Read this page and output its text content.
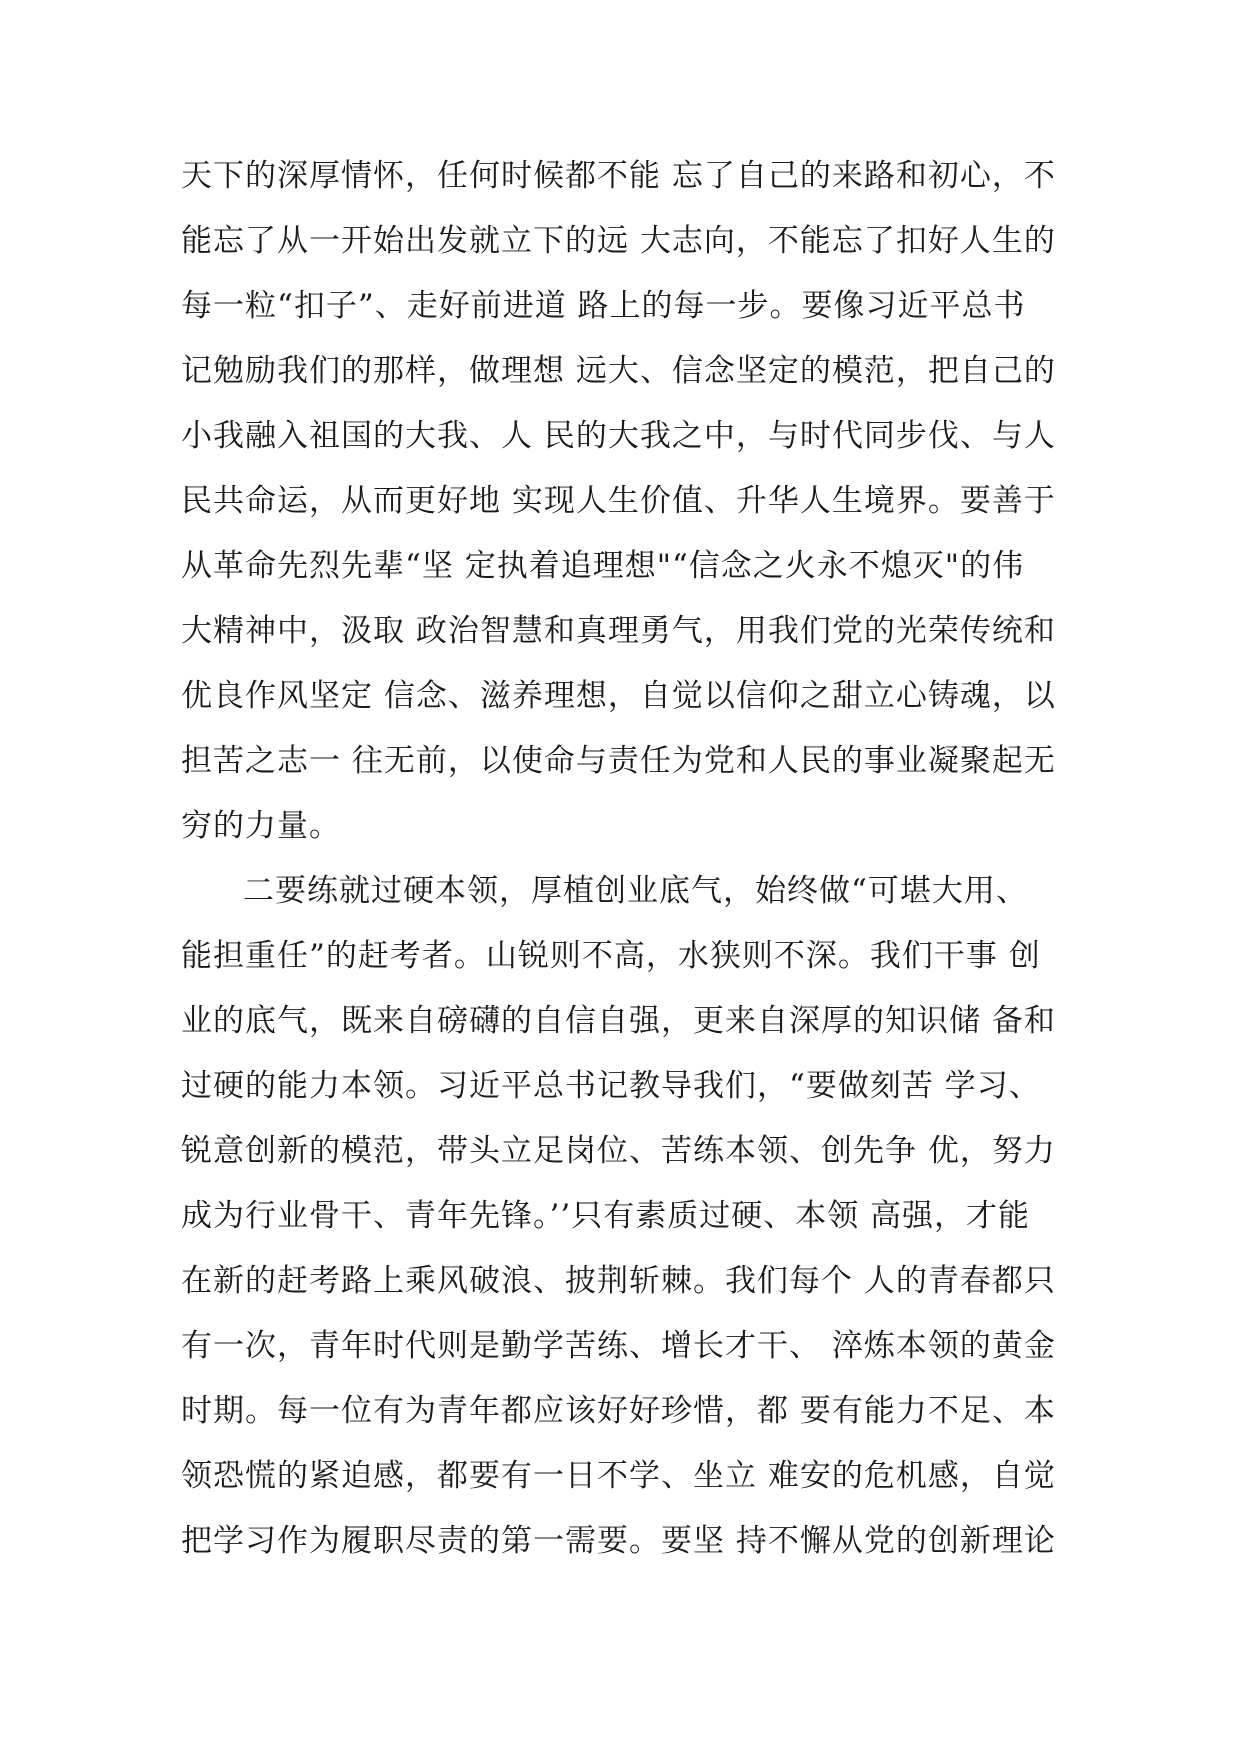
天下的深厚情怀，任何时候都不能 忘了自己的来路和初心，不
能忘了从一开始出发就立下的远 大志向，不能忘了扣好人生的
每一粒“扣子”、走好前进道 路上的每一步。要像习近平总书
记勉励我们的那样，做理想 远大、信念坚定的模范，把自己的
小我融入祖国的大我、人 民的大我之中，与时代同步伐、与人
民共命运，从而更好地 实现人生价值、升华人生境界。要善于
从革命先烈先辈“坚 定执着追理想"“信念之火永不熄灭"的伟
大精神中，汲取 政治智慧和真理勇气，用我们党的光荣传统和
优良作风坚定 信念、滋养理想，自觉以信仰之甜立心铸魂，以
担苦之志一 往无前，以使命与责任为党和人民的事业凝聚起无
穷的力量。
二要练就过硬本领，厚植创业底气，始终做“可堪大用、
能担重任”的赶考者。山锐则不高，水狭则不深。我们干事 创
业的底气，既来自磅礴的自信自强，更来自深厚的知识储 备和
过硬的能力本领。习近平总书记教导我们，“要做刻苦 学习、
锐意创新的模范，带头立足岗位、苦练本领、创先争 优，努力
成为行业骨干、青年先锋。’’只有素质过硬、本领 高强，才能
在新的赶考路上乘风破浪、披荆斩棘。我们每个 人的青春都只
有一次，青年时代则是勤学苦练、增长才干、 淬炼本领的黄金
时期。每一位有为青年都应该好好珍惜，都 要有能力不足、本
领恐慌的紧迫感，都要有一日不学、坐立 难安的危机感，自觉
把学习作为履职尽责的第一需要。要坚 持不懈从党的创新理论
